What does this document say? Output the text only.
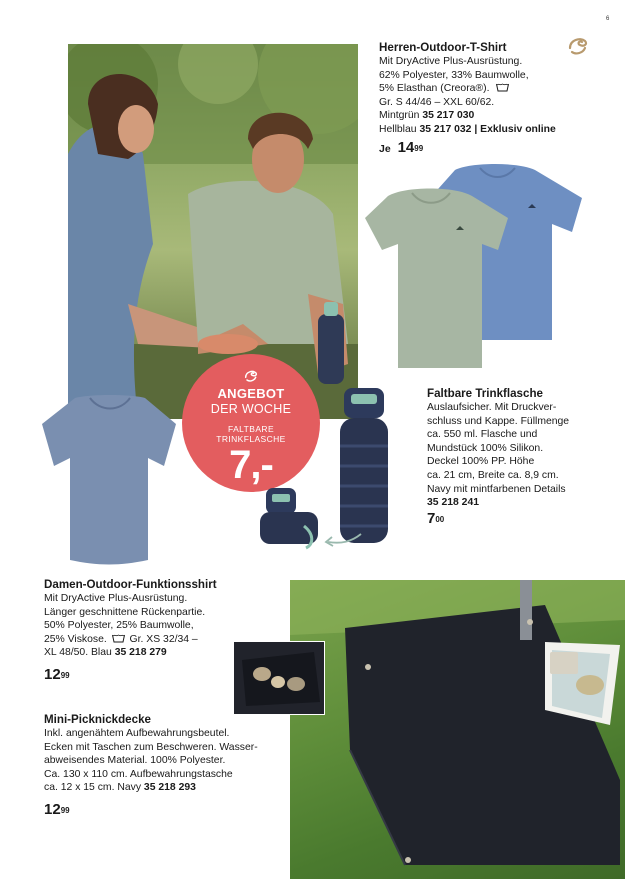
6
Herren-Outdoor-T-Shirt
Mit DryActive Plus-Ausrüstung.
62% Polyester, 33% Baumwolle,
5% Elasthan (Creora®).
Gr. S 44/46 – XXL 60/62.
Mintgrün 35 217 030
Hellblau 35 217 032 | Exklusiv online
Je $14^{99}$
Faltbare Trinkflasche
Auslaufsicher. Mit Druckver-
schluss und Kappe. Füllmenge
ca. 550 ml. Flasche und
Mundstück 100% Silikon.
Deckel 100% PP. Höhe
ca. 21 cm, Breite ca. 8,9 cm.
Navy mit mintfarbenen Details
35 218 241
$7^{00}$
ANGEBOT
DER WOCHE
FALTBARE
TRINKFLASCHE
7,-
Damen-Outdoor-Funktionsshirt
Mit DryActive Plus-Ausrüstung.
Länger geschnittene Rückenpartie.
50% Polyester, 25% Baumwolle,
25% Viskose. Gr. XS 32/34 –
XL 48/50. Blau 35 218 279
$12^{99}$
Mini-Picknickdecke
Inkl. angenähtem Aufbewahrungsbeutel.
Ecken mit Taschen zum Beschweren. Wasser-
abweisendes Material. 100% Polyester.
Ca. 130 x 110 cm. Aufbewahrungstasche
ca. 12 x 15 cm. Navy 35 218 293
$12^{99}$
